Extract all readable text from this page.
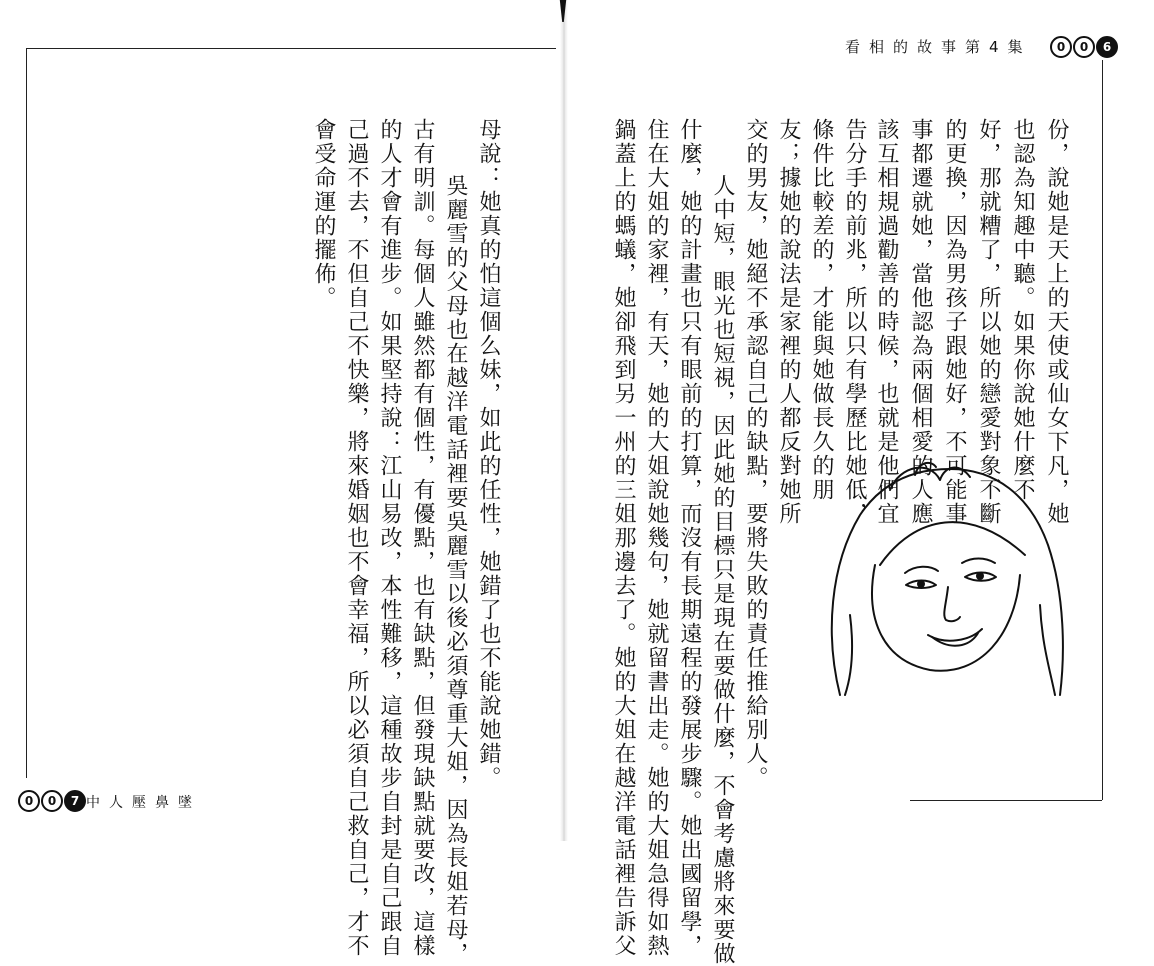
看相的故事第4集	0	0	6
份，說她是天上的天使或仙女下凡，她
也認為知趣中聽。如果你說她什麼不
好，那就糟了，所以她的戀愛對象不斷
的更換，因為男孩子跟她好，不可能事
事都遷就她，當他認為兩個相愛的人應
該互相規過勸善的時候，也就是他們宜
告分手的前兆，所以只有學歷比她低，
條件比較差的，才能與她做長久的朋
友；據她的說法是家裡的人都反對她所
交的男友，她絕不承認自己的缺點，要將失敗的責任推給別人。
　人中短，眼光也短視，因此她的目標只是現在要做什麼，不會考慮將來要做
什麼，她的計畫也只有眼前的打算，而沒有長期遠程的發展步驟。她出國留學，
住在大姐的家裡，有天，她的大姐說她幾句，她就留書出走。她的大姐急得如熱
鍋蓋上的螞蟻，她卻飛到另一州的三姐那邊去了。她的大姐在越洋電話裡告訴父
母說：她真的怕這個么妹，如此的任性，她錯了也不能說她錯。
　吳麗雪的父母也在越洋電話裡要吳麗雪以後必須尊重大姐，因為長姐若母，
古有明訓。每個人雖然都有個性，有優點，也有缺點，但發現缺點就要改，這樣
的人才會有進步。如果堅持說：江山易改，本性難移，這種故步自封是自己跟自
己過不去，不但自己不快樂，將來婚姻也不會幸福，所以必須自己救自己，才不
會受命運的擺佈。
0	0	7 中人壓鼻墜
